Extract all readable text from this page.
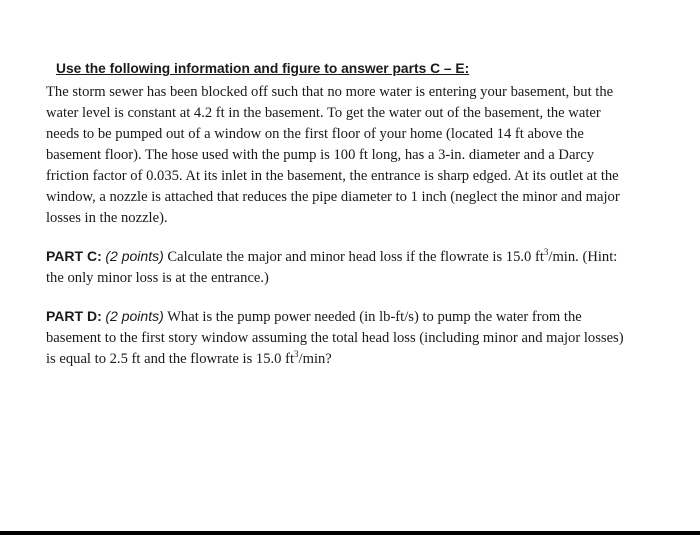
Use the following information and figure to answer parts C – E:
The storm sewer has been blocked off such that no more water is entering your basement, but the
water level is constant at 4.2 ft in the basement. To get the water out of the basement, the water
needs to be pumped out of a window on the first floor of your home (located 14 ft above the
basement floor). The hose used with the pump is 100 ft long, has a 3-in. diameter and a Darcy
friction factor of 0.035. At its inlet in the basement, the entrance is sharp edged. At its outlet at the
window, a nozzle is attached that reduces the pipe diameter to 1 inch (neglect the minor and major
losses in the nozzle).
PART C: (2 points) Calculate the major and minor head loss if the flowrate is 15.0 $ft^3/\min$. (Hint:
the only minor loss is at the entrance.)
PART D: (2 points) What is the pump power needed (in lb-ft/s) to pump the water from the
basement to the first story window assuming the total head loss (including minor and major losses)
is equal to 2.5 ft and the flowrate is 15.0 $ft^3/\min$?
